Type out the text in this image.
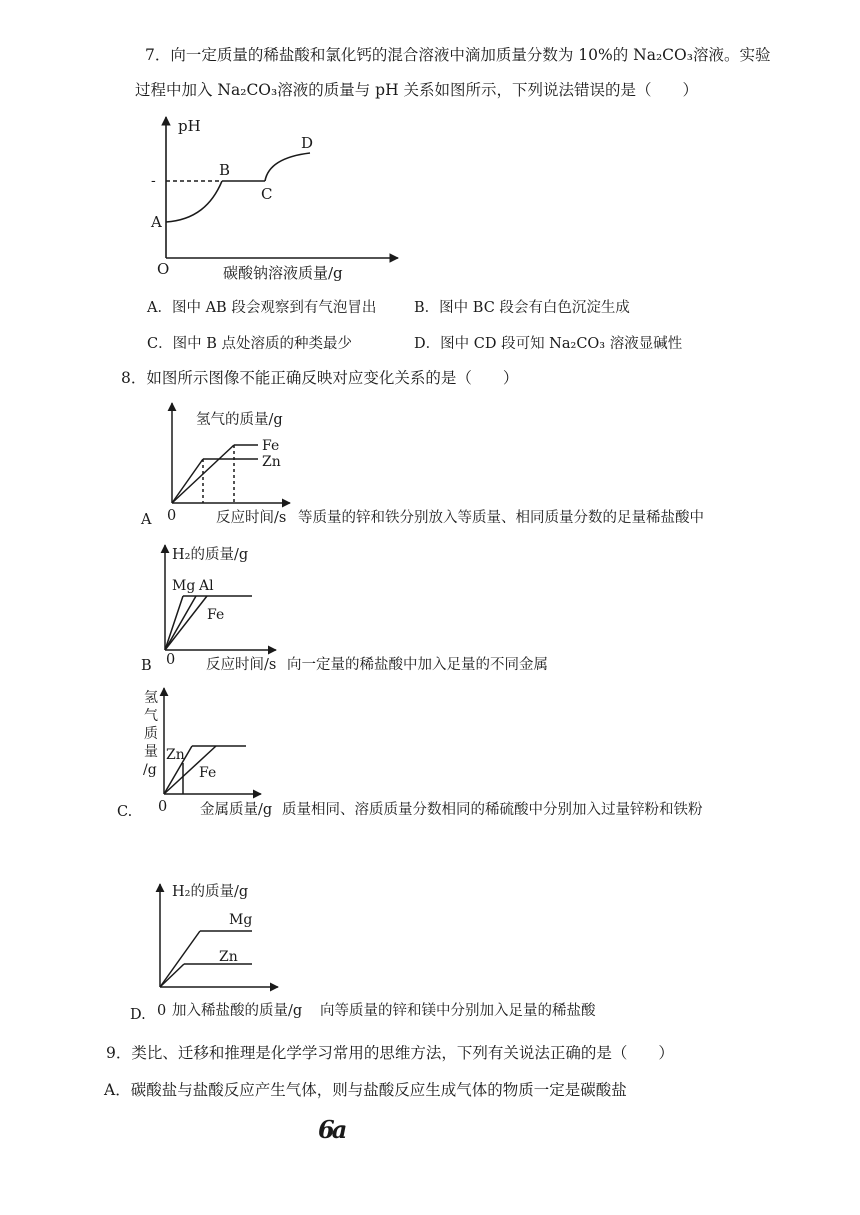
7．向一定质量的稀盐酸和氯化钙的混合溶液中滴加质量分数为 10%的 Na₂CO₃溶液。实验
过程中加入 Na₂CO₃溶液的质量与 pH 关系如图所示，下列说法错误的是（　　）
-
pH
A
B
C
D
O	碳酸钠溶液质量/g
氢气的质量/g
Fe
Zn
H₂的质量/g
Mg Al
Fe
氢
气
质
量
/g
Zn
Fe
H₂的质量/g
Mg
Zn
A．图中 AB 段会观察到有气泡冒出	B．图中 BC 段会有白色沉淀生成
C．图中 B 点处溶质的种类最少	D．图中 CD 段可知 Na₂CO₃ 溶液显碱性
8．如图所示图像不能正确反映对应变化关系的是（　　）
A 0	反应时间/s 等质量的锌和铁分别放入等质量、相同质量分数的足量稀盐酸中
B 0 反应时间/s 向一定量的稀盐酸中加入足量的不同金属
C. 0 金属质量/g 质量相同、溶质质量分数相同的稀硫酸中分别加入过量锌粉和铁粉
D. 0 加入稀盐酸的质量/g 向等质量的锌和镁中分别加入足量的稀盐酸
9．类比、迁移和推理是化学学习常用的思维方法，下列有关说法正确的是（　　）
A．碳酸盐与盐酸反应产生气体，则与盐酸反应生成气体的物质一定是碳酸盐
6a
